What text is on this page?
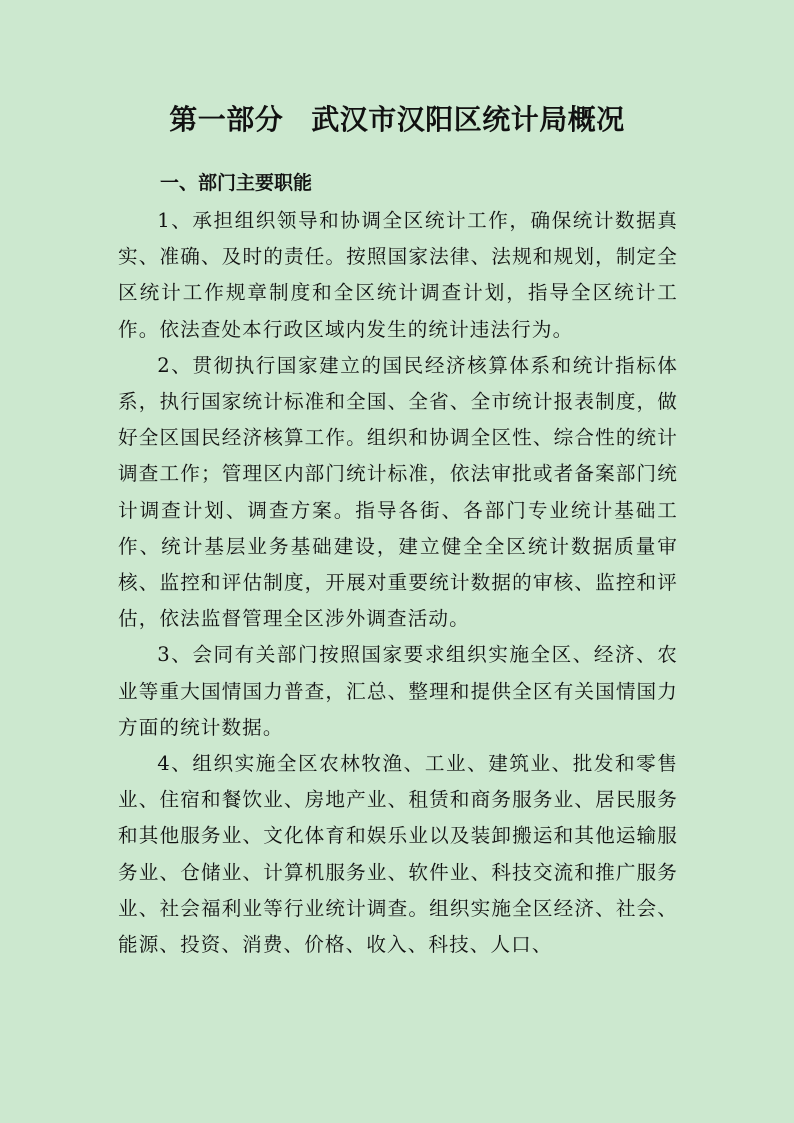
第一部分 武汉市汉阳区统计局概况
一、部门主要职能

1、承担组织领导和协调全区统计工作，确保统计数据真实、准确、及时的责任。按照国家法律、法规和规划，制定全区统计工作规章制度和全区统计调查计划，指导全区统计工作。依法查处本行政区域内发生的统计违法行为。

2、贯彻执行国家建立的国民经济核算体系和统计指标体系，执行国家统计标准和全国、全省、全市统计报表制度，做好全区国民经济核算工作。组织和协调全区性、综合性的统计调查工作；管理区内部门统计标准，依法审批或者备案部门统计调查计划、调查方案。指导各街、各部门专业统计基础工作、统计基层业务基础建设，建立健全全区统计数据质量审核、监控和评估制度，开展对重要统计数据的审核、监控和评估，依法监督管理全区涉外调查活动。

3、会同有关部门按照国家要求组织实施全区、经济、农业等重大国情国力普查，汇总、整理和提供全区有关国情国力方面的统计数据。

4、组织实施全区农林牧渔、工业、建筑业、批发和零售业、住宿和餐饮业、房地产业、租赁和商务服务业、居民服务和其他服务业、文化体育和娱乐业以及装卸搬运和其他运输服务业、仓储业、计算机服务业、软件业、科技交流和推广服务业、社会福利业等行业统计调查。组织实施全区经济、社会、能源、投资、消费、价格、收入、科技、人口、
